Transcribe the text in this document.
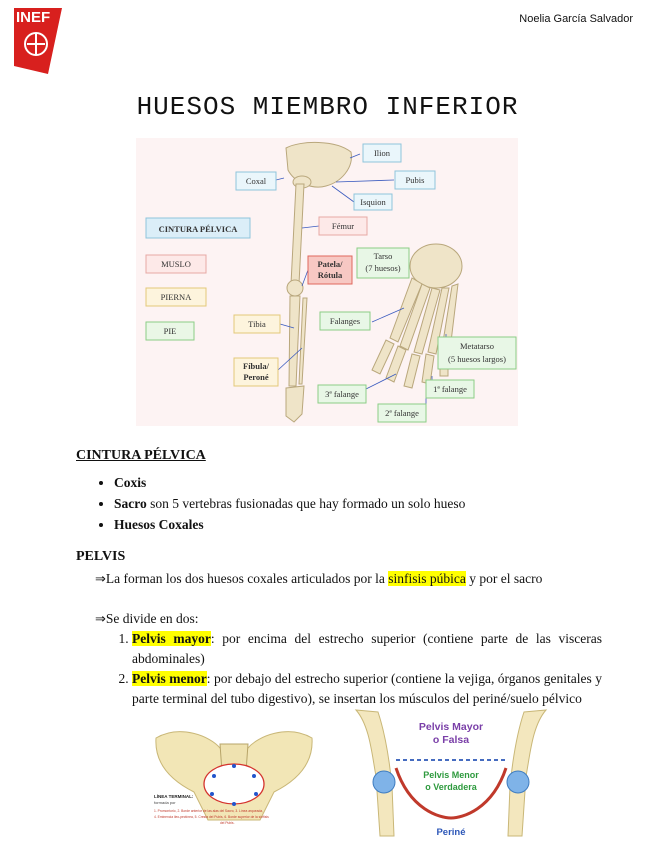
INEF	Noelia García Salvador
HUESOS MIEMBRO INFERIOR
Ilion
Coxal	Pubis
Isquion
CINTURA PÉLVICA	Fémur
MUSLO	Patela/
Rótula
Tarso
(7 huesos)
PIERNA
PIE
Tibia	Falanges
Metatarso
(5 huesos largos)
Fíbula/
Peroné
1ª falange
3ª falange
2ª falange
CINTURA PÉLVICA
• Coxis
• Sacro son 5 vertebras fusionadas que hay formado un solo hueso
• Huesos Coxales
PELVIS
⇒La forman los dos huesos coxales articulados por la sinfisis púbica y por el sacro
⇒Se divide en dos:
1. Pelvis mayor: por encima del estrecho superior (contiene parte de las visceras abdominales)
2. Pelvis menor: por debajo del estrecho superior (contiene la vejiga, órganos genitales y parte terminal del tubo digestivo), se insertan los músculos del periné/suelo pélvico
LÍNEA TERMINAL:
formada por
1. Promontorio, 2. Borde anterior de las alas del Sacro, 3. Línea arqueada,
4. Eminencia ileo-pectínea, 5. Cresta del Pubis, 6. Borde superior de la sínfisis
del Pubis.
Pelvis Mayor
o Falsa
Pelvis Menor
o Verdadera
Periné
